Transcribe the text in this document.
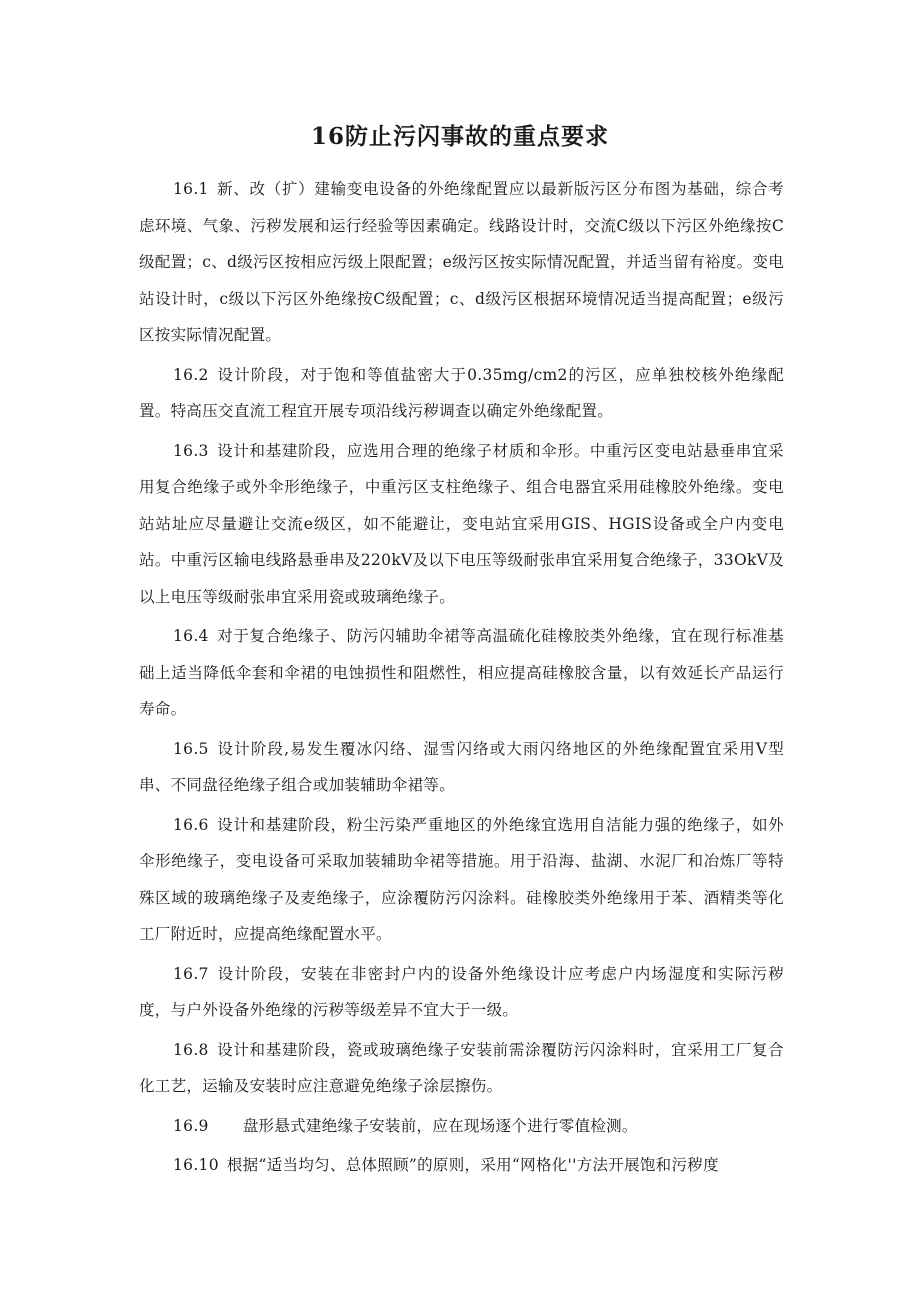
16防止污闪事故的重点要求

16.1 新、改（扩）建输变电设备的外绝缘配置应以最新版污区分布图为基础，综合考虑环境、气象、污秽发展和运行经验等因素确定。线路设计时，交流C级以下污区外绝缘按C级配置；c、d级污区按相应污级上限配置；e级污区按实际情况配置，并适当留有裕度。变电站设计时，c级以下污区外绝缘按C级配置；c、d级污区根据环境情况适当提高配置；e级污区按实际情况配置。

16.2 设计阶段，对于饱和等值盐密大于0.35mg/cm2的污区，应单独校核外绝缘配置。特高压交直流工程宜开展专项沿线污秽调查以确定外绝缘配置。

16.3 设计和基建阶段，应选用合理的绝缘子材质和伞形。中重污区变电站悬垂串宜采用复合绝缘子或外伞形绝缘子，中重污区支柱绝缘子、组合电器宜采用硅橡胶外绝缘。变电站站址应尽量避让交流e级区，如不能避让，变电站宜采用GIS、HGIS设备或全户内变电站。中重污区输电线路悬垂串及220kV及以下电压等级耐张串宜采用复合绝缘子，33OkV及以上电压等级耐张串宜采用瓷或玻璃绝缘子。

16.4 对于复合绝缘子、防污闪辅助伞裙等高温硫化硅橡胶类外绝缘，宜在现行标准基础上适当降低伞套和伞裙的电蚀损性和阻燃性，相应提高硅橡胶含量，以有效延长产品运行寿命。

16.5 设计阶段,易发生覆冰闪络、湿雪闪络或大雨闪络地区的外绝缘配置宜采用V型串、不同盘径绝缘子组合或加装辅助伞裙等。

16.6 设计和基建阶段，粉尘污染严重地区的外绝缘宜选用自洁能力强的绝缘子，如外伞形绝缘子，变电设备可采取加装辅助伞裙等措施。用于沿海、盐湖、水泥厂和冶炼厂等特殊区域的玻璃绝缘子及麦绝缘子，应涂覆防污闪涂料。硅橡胶类外绝缘用于苯、酒精类等化工厂附近时，应提高绝缘配置水平。

16.7 设计阶段，安装在非密封户内的设备外绝缘设计应考虑户内场湿度和实际污秽度，与户外设备外绝缘的污秽等级差异不宜大于一级。

16.8 设计和基建阶段，瓷或玻璃绝缘子安装前需涂覆防污闪涂料时，宜采用工厂复合化工艺，运输及安装时应注意避免绝缘子涂层擦伤。

16.9 盘形悬式建绝缘子安装前，应在现场逐个进行零值检测。

16.10 根据“适当均匀、总体照顾”的原则，采用“网格化''方法开展饱和污秽度
